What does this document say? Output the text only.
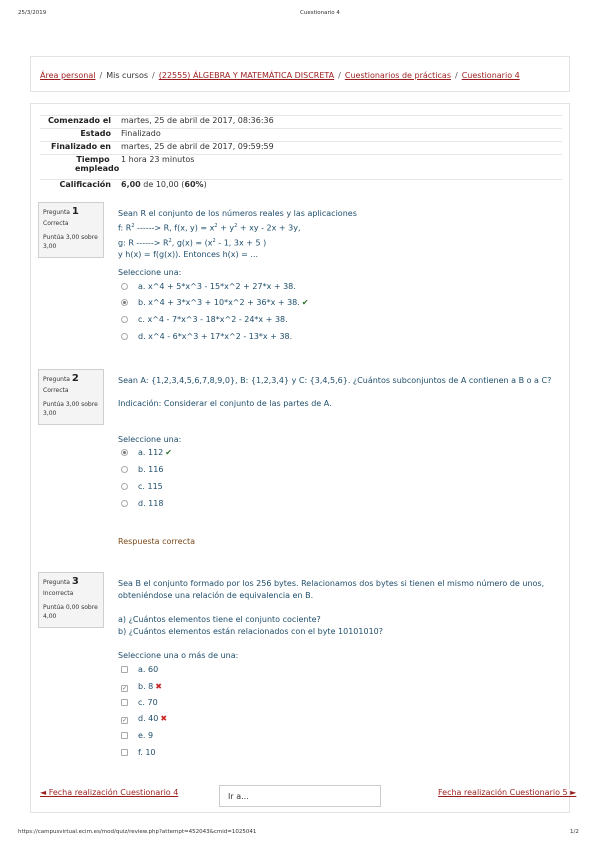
25/3/2019	Cuestionario 4
https://campusvirtual.ecim.es/mod/quiz/review.php?attempt=452043&cmid=1025041	1/2
Área personal / Mis cursos / (22555) ÁLGEBRA Y MATEMÁTICA DISCRETA / Cuestionarios de prácticas / Cuestionario 4
Comenzado el	martes, 25 de abril de 2017, 08:36:36
Estado	Finalizado
Finalizado en	martes, 25 de abril de 2017, 09:59:59
Tiempo empleado	1 hora 23 minutos
Calificación	6,00 de 10,00 (60%)
Pregunta 1
Correcta
Puntúa 3,00 sobre 3,00
Sean R el conjunto de los números reales y las aplicaciones
f: $R^2$ ------> R, f(x, $y) = x^2 + y^2$ + xy - 2x + 3y,
g: R ------> $R^2$, $g(x) = (x^2 - 1$, 3x + 5 )
y h(x) = f(g(x)). Entonces h(x) = ...
Seleccione una:
a. x^4 + 5*x^3 - 15*x^2 + 27*x + 38.
b. x^4 + 3*x^3 + 10*x^2 + 36*x + 38. ✔
c. x^4 - 7*x^3 - 18*x^2 - 24*x + 38.
d. x^4 - 6*x^3 + 17*x^2 - 13*x + 38.
Pregunta 2
Correcta
Puntúa 3,00 sobre 3,00
Sean A: {1,2,3,4,5,6,7,8,9,0}, B: {1,2,3,4} y C: {3,4,5,6}. ¿Cuántos subconjuntos de A contienen a B o a C?
Indicación: Considerar el conjunto de las partes de A.
Seleccione una:
a. 112 ✔
b. 116
c. 115
d. 118
Respuesta correcta
Pregunta 3
Incorrecta
Puntúa 0,00 sobre 4,00
Sea B el conjunto formado por los 256 bytes. Relacionamos dos bytes si tienen el mismo número de unos, obteniéndose una relación de equivalencia en B.
a) ¿Cuántos elementos tiene el conjunto cociente?
b) ¿Cuántos elementos están relacionados con el byte 10101010?
Seleccione una o más de una:
a. 60
✓ b. 8 ✖
c. 70
✓ d. 40 ✖
e. 9
f. 10
◄ Fecha realización Cuestionario 4	Ir a...	Fecha realización Cuestionario 5 ►
